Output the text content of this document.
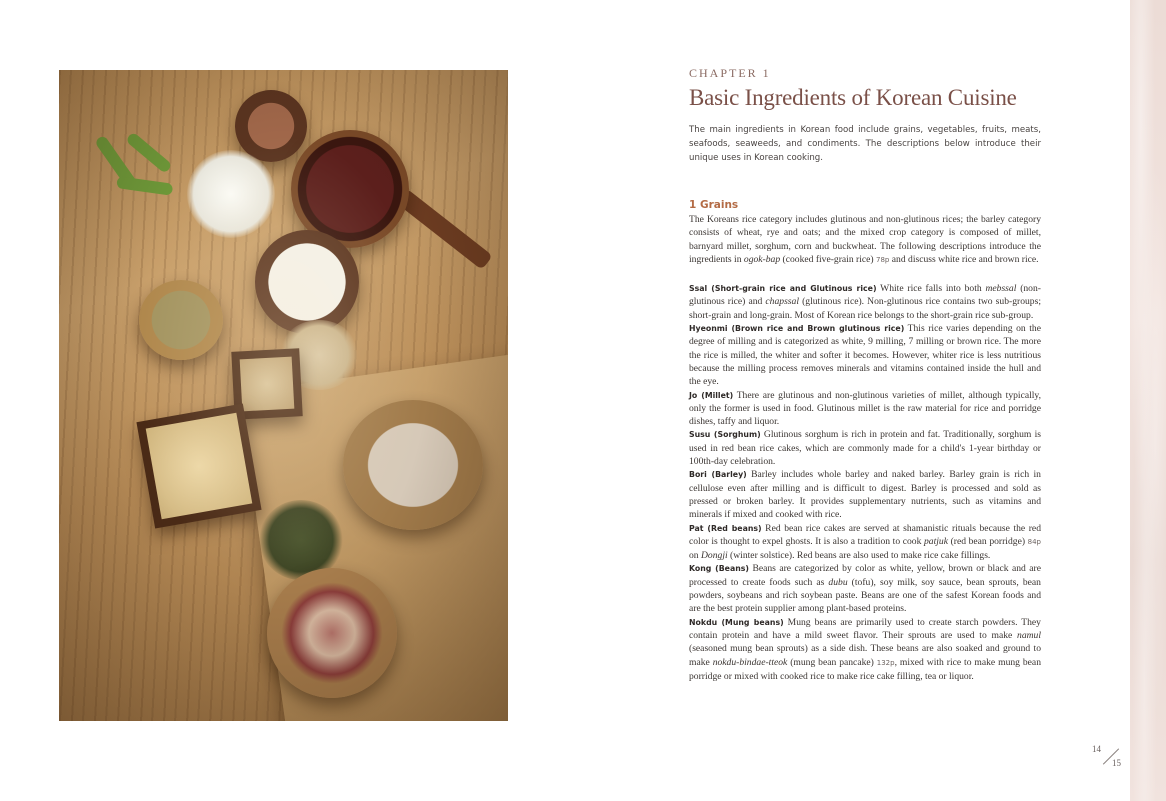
CHAPTER 1
Basic Ingredients of Korean Cuisine

The main ingredients in Korean food include grains, vegetables, fruits, meats, seafoods, seaweeds, and condiments. The descriptions below introduce their unique uses in Korean cooking.

1 Grains

The Koreans rice category includes glutinous and non-glutinous rices; the barley category consists of wheat, rye and oats; and the mixed crop category is composed of millet, barnyard millet, sorghum, corn and buckwheat. The following descriptions introduce the ingredients in ogok-bap (cooked five-grain rice) 78p and discuss white rice and brown rice.

Ssal (Short-grain rice and Glutinous rice) White rice falls into both mebssal (non-glutinous rice) and chapssal (glutinous rice). Non-glutinous rice contains two sub-groups; short-grain and long-grain. Most of Korean rice belongs to the short-grain rice sub-group.

Hyeonmi (Brown rice and Brown glutinous rice) This rice varies depending on the degree of milling and is categorized as white, 9 milling, 7 milling or brown rice. The more the rice is milled, the whiter and softer it becomes. However, whiter rice is less nutritious because the milling process removes minerals and vitamins contained inside the hull and the eye.

Jo (Millet) There are glutinous and non-glutinous varieties of millet, although typically, only the former is used in food. Glutinous millet is the raw material for rice and porridge dishes, taffy and liquor.

Susu (Sorghum) Glutinous sorghum is rich in protein and fat. Traditionally, sorghum is used in red bean rice cakes, which are commonly made for a child's 1-year birthday or 100th-day celebration.

Bori (Barley) Barley includes whole barley and naked barley. Barley grain is rich in cellulose even after milling and is difficult to digest. Barley is processed and sold as pressed or broken barley. It provides supplementary nutrients, such as vitamins and minerals if mixed and cooked with rice.

Pat (Red beans) Red bean rice cakes are served at shamanistic rituals because the red color is thought to expel ghosts. It is also a tradition to cook patjuk (red bean porridge) 84p on Dongji (winter solstice). Red beans are also used to make rice cake fillings.

Kong (Beans) Beans are categorized by color as white, yellow, brown or black and are processed to create foods such as dubu (tofu), soy milk, soy sauce, bean sprouts, bean powders, soybeans and rich soybean paste. Beans are one of the safest Korean foods and are the best protein supplier among plant-based proteins.

Nokdu (Mung beans) Mung beans are primarily used to create starch powders. They contain protein and have a mild sweet flavor. Their sprouts are used to make namul (seasoned mung bean sprouts) as a side dish. These beans are also soaked and ground to make nokdu-bindae-tteok (mung bean pancake) 132p, mixed with rice to make mung bean porridge or mixed with cooked rice to make rice cake filling, tea or liquor.

14
15
